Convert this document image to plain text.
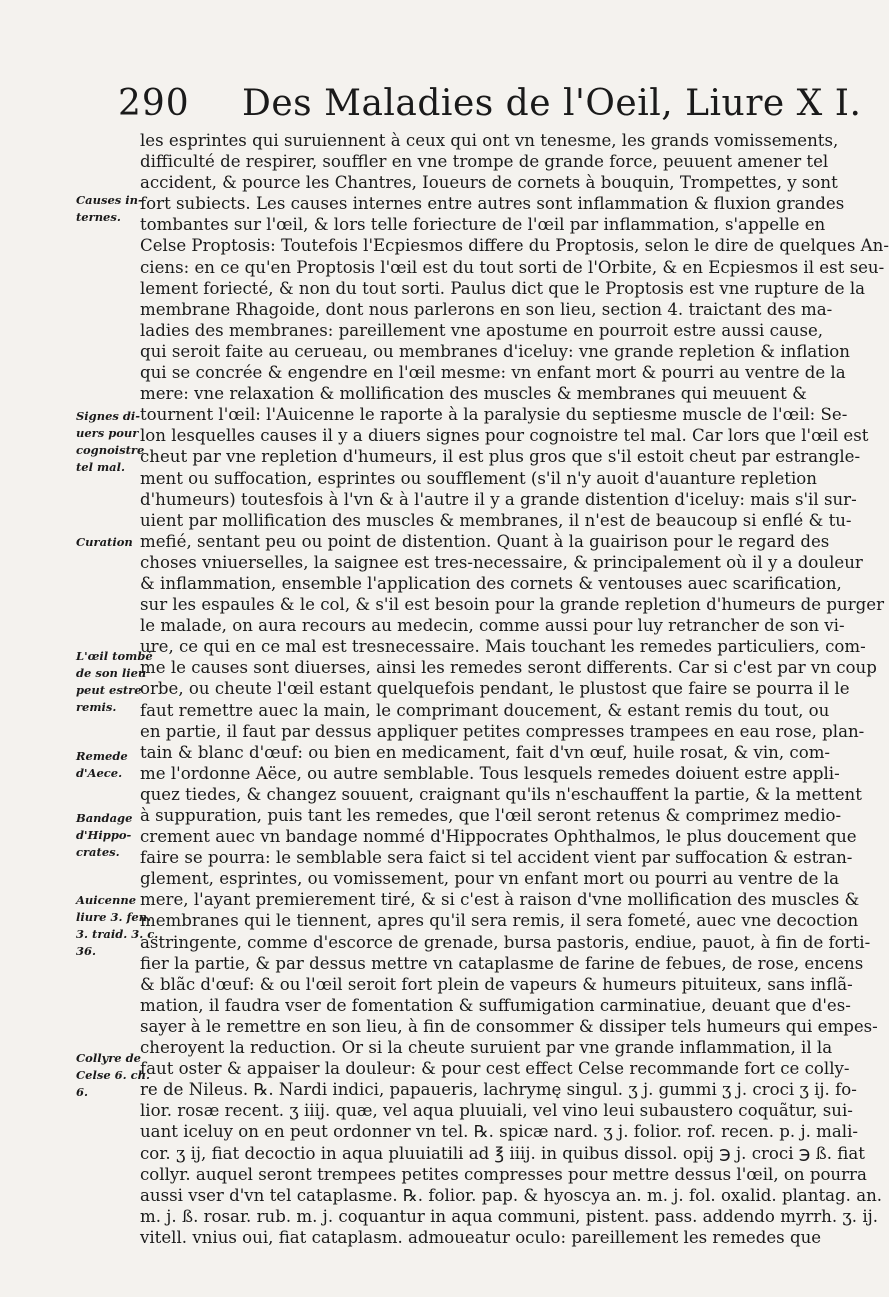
290 Des Maladies de l'Oeil, Liure X I.
les esprintes qui suruiennent à ceux qui ont vn tenesme, les grands vomissements,
difficulté de respirer, souffler en vne trompe de grande force, peuuent amener tel
accident, & pource les Chantres, Ioueurs de cornets à bouquin, Trompettes, y sont
fort subiects. Les causes internes entre autres sont inflammation & fluxion grandes
tombantes sur l'œil, & lors telle foriecture de l'œil par inflammation, s'appelle en
Celse Proptosis: Toutefois l'Ecpiesmos differe du Proptosis, selon le dire de quelques An-
ciens: en ce qu'en Proptosis l'œil est du tout sorti de l'Orbite, & en Ecpiesmos il est seu-
lement foriecté, & non du tout sorti. Paulus dict que le Proptosis est vne rupture de la
membrane Rhagoide, dont nous parlerons en son lieu, section 4. traictant des ma-
ladies des membranes: pareillement vne apostume en pourroit estre aussi cause,
qui seroit faite au cerueau, ou membranes d'iceluy: vne grande repletion & inflation
qui se concrée & engendre en l'œil mesme: vn enfant mort & pourri au ventre de la
mere: vne relaxation & mollification des muscles & membranes qui meuuent &
tournent l'œil: l'Auicenne le raporte à la paralysie du septiesme muscle de l'œil: Se-
lon lesquelles causes il y a diuers signes pour cognoistre tel mal. Car lors que l'œil est
cheut par vne repletion d'humeurs, il est plus gros que s'il estoit cheut par estrangle-
ment ou suffocation, esprintes ou soufflement (s'il n'y auoit d'auanture repletion
d'humeurs) toutesfois à l'vn & à l'autre il y a grande distention d'iceluy: mais s'il sur-
uient par mollification des muscles & membranes, il n'est de beaucoup si enflé & tu-
mefié, sentant peu ou point de distention. Quant à la guairison pour le regard des
choses vniuerselles, la saignee est tres-necessaire, & principalement où il y a douleur
& inflammation, ensemble l'application des cornets & ventouses auec scarification,
sur les espaules & le col, & s'il est besoin pour la grande repletion d'humeurs de purger
le malade, on aura recours au medecin, comme aussi pour luy retrancher de son vi-
ure, ce qui en ce mal est tresnecessaire. Mais touchant les remedes particuliers, com-
me le causes sont diuerses, ainsi les remedes seront differents. Car si c'est par vn coup
orbe, ou cheute l'œil estant quelquefois pendant, le plustost que faire se pourra il le
faut remettre auec la main, le comprimant doucement, & estant remis du tout, ou
en partie, il faut par dessus appliquer petites compresses trampees en eau rose, plan-
tain & blanc d'œuf: ou bien en medicament, fait d'vn œuf, huile rosat, & vin, com-
me l'ordonne Aëce, ou autre semblable. Tous lesquels remedes doiuent estre appli-
quez tiedes, & changez souuent, craignant qu'ils n'eschauffent la partie, & la mettent
à suppuration, puis tant les remedes, que l'œil seront retenus & comprimez medio-
crement auec vn bandage nommé d'Hippocrates Ophthalmos, le plus doucement que
faire se pourra: le semblable sera faict si tel accident vient par suffocation & estran-
glement, esprintes, ou vomissement, pour vn enfant mort ou pourri au ventre de la
mere, l'ayant premierement tiré, & si c'est à raison d'vne mollification des muscles &
membranes qui le tiennent, apres qu'il sera remis, il sera fometé, auec vne decoction
astringente, comme d'escorce de grenade, bursa pastoris, endiue, pauot, à fin de forti-
fier la partie, & par dessus mettre vn cataplasme de farine de febues, de rose, encens
& blãc d'œuf: & ou l'œil seroit fort plein de vapeurs & humeurs pituiteux, sans inflã-
mation, il faudra vser de fomentation & suffumigation carminatiue, deuant que d'es-
sayer à le remettre en son lieu, à fin de consommer & dissiper tels humeurs qui empes-
cheroyent la reduction. Or si la cheute suruient par vne grande inflammation, il la
faut oster & appaiser la douleur: & pour cest effect Celse recommande fort ce colly-
re de Nileus. ℞. Nardi indici, papaueris, lachrymę singul. ʒ j. gummi ʒ j. croci ʒ ij. fo-
lior. rosæ recent. ʒ iiij. quæ, vel aqua pluuiali, vel vino leui subaustero coquãtur, sui-
uant iceluy on en peut ordonner vn tel. ℞. spicæ nard. ʒ j. folior. rof. recen. p. j. mali-
cor. ʒ ij, fiat decoctio in aqua pluuiatili ad ℥ iiij. in quibus dissol. opij ℈ j. croci ℈ ß. fiat
collyr. auquel seront trempees petites compresses pour mettre dessus l'œil, on pourra
aussi vser d'vn tel cataplasme. ℞. folior. pap. & hyoscya an. m. j. fol. oxalid. plantag. an.
m. j. ß. rosar. rub. m. j. coquantur in aqua communi, pistent. pass. addendo myrrh. ʒ. ij.
vitell. vnius oui, fiat cataplasm. admoueatur oculo: pareillement les remedes que
Causes in-
ternes.
Signes di-
uers pour
cognoistre
tel mal.
Curation
L'œil tombé
de son lieu
peut estre
remis.
Remede
d'Aece.
Bandage
d'Hippo-
crates.
Auicenne
liure 3. fen.
3. traid. 3. c.
36.
Collyre de
Celse 6. ch.
6.
